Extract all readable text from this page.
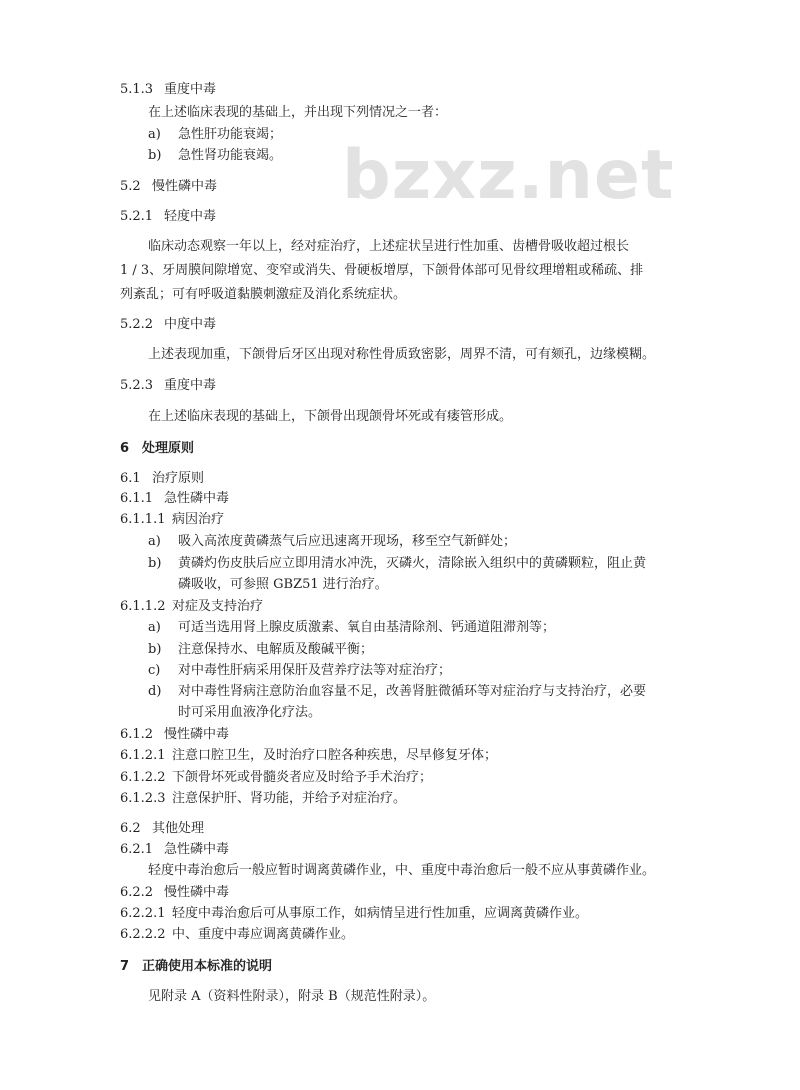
bzxz.net
5.1.3 重度中毒
在上述临床表现的基础上，并出现下列情况之一者：
a) 急性肝功能衰竭；
b) 急性肾功能衰竭。
5.2 慢性磷中毒
5.2.1 轻度中毒
临床动态观察一年以上，经对症治疗，上述症状呈进行性加重、齿槽骨吸收超过根长
1 / 3、牙周膜间隙增宽、变窄或消失、骨硬板增厚，下颌骨体部可见骨纹理增粗或稀疏、排
列紊乱；可有呼吸道黏膜刺激症及消化系统症状。
5.2.2 中度中毒
上述表现加重，下颌骨后牙区出现对称性骨质致密影，周界不清，可有颏孔，边缘模糊。
5.2.3 重度中毒
在上述临床表现的基础上，下颌骨出现颌骨坏死或有瘘管形成。
6 处理原则
6.1 治疗原则
6.1.1 急性磷中毒
6.1.1.1 病因治疗
a) 吸入高浓度黄磷蒸气后应迅速离开现场，移至空气新鲜处；
b) 黄磷灼伤皮肤后应立即用清水冲洗，灭磷火，清除嵌入组织中的黄磷颗粒，阻止黄
磷吸收，可参照 GBZ51 进行治疗。
6.1.1.2 对症及支持治疗
a) 可适当选用肾上腺皮质激素、氧自由基清除剂、钙通道阻滞剂等；
b) 注意保持水、电解质及酸碱平衡；
c) 对中毒性肝病采用保肝及营养疗法等对症治疗；
d) 对中毒性肾病注意防治血容量不足，改善肾脏微循环等对症治疗与支持治疗，必要
时可采用血液净化疗法。
6.1.2 慢性磷中毒
6.1.2.1 注意口腔卫生，及时治疗口腔各种疾患，尽早修复牙体；
6.1.2.2 下颌骨坏死或骨髓炎者应及时给予手术治疗；
6.1.2.3 注意保护肝、肾功能，并给予对症治疗。
6.2 其他处理
6.2.1 急性磷中毒
轻度中毒治愈后一般应暂时调离黄磷作业，中、重度中毒治愈后一般不应从事黄磷作业。
6.2.2 慢性磷中毒
6.2.2.1 轻度中毒治愈后可从事原工作，如病情呈进行性加重，应调离黄磷作业。
6.2.2.2 中、重度中毒应调离黄磷作业。
7 正确使用本标准的说明
见附录 A（资料性附录），附录 B（规范性附录）。
